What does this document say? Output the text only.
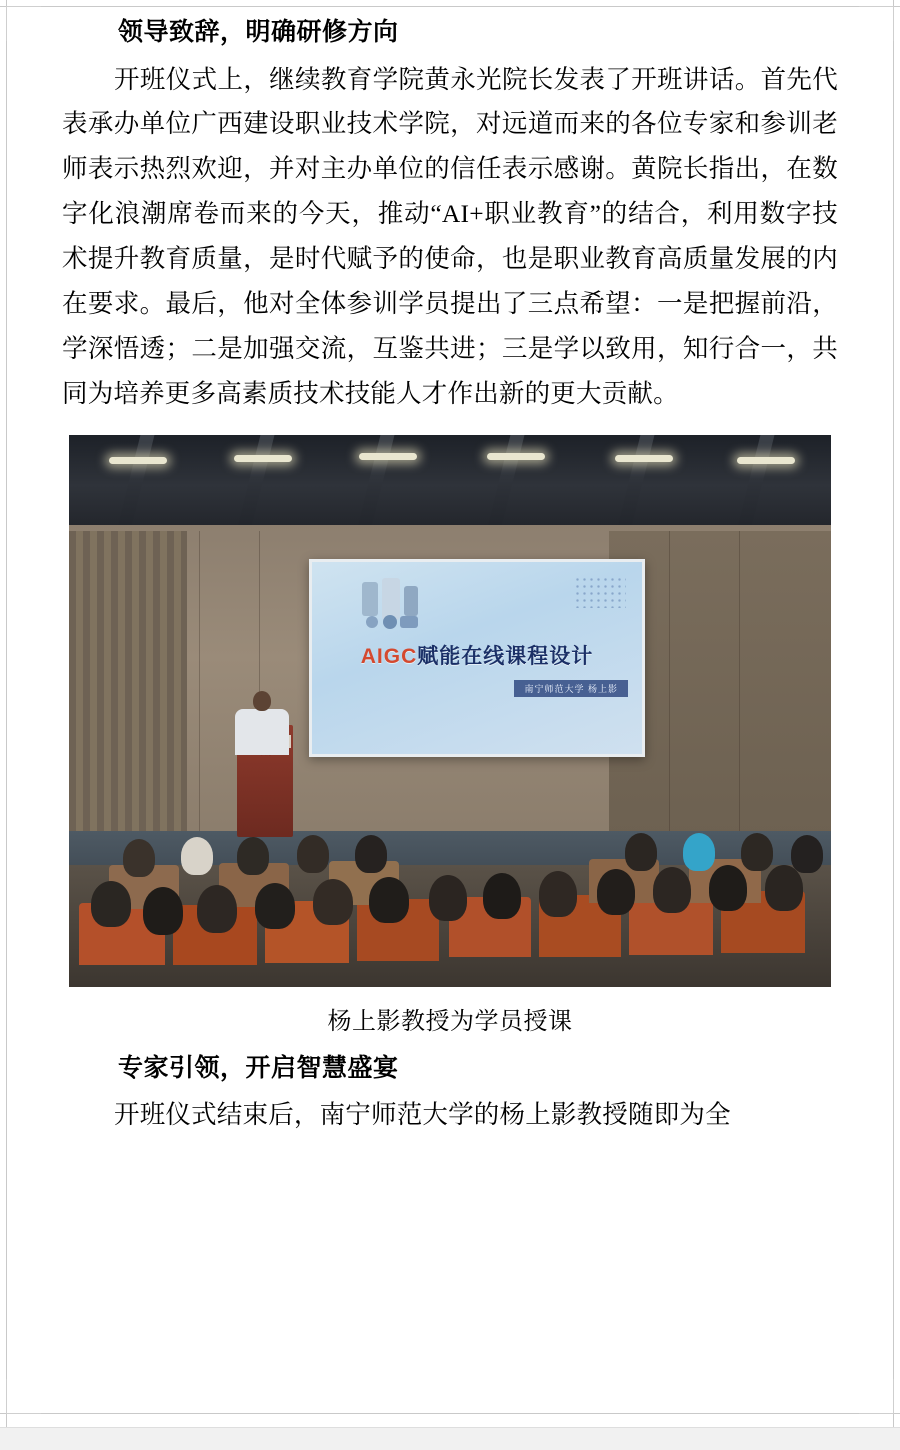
领导致辞，明确研修方向

开班仪式上，继续教育学院黄永光院长发表了开班讲话。首先代表承办单位广西建设职业技术学院，对远道而来的各位专家和参训老师表示热烈欢迎，并对主办单位的信任表示感谢。黄院长指出，在数字化浪潮席卷而来的今天，推动“AI+职业教育”的结合，利用数字技术提升教育质量，是时代赋予的使命，也是职业教育高质量发展的内在要求。最后，他对全体参训学员提出了三点希望：一是把握前沿，学深悟透；二是加强交流，互鉴共进；三是学以致用，知行合一，共同为培养更多高素质技术技能人才作出新的更大贡献。

AIGC赋能在线课程设计
南宁师范大学 杨上影
杨上影教授为学员授课
专家引领，开启智慧盛宴

开班仪式结束后，南宁师范大学的杨上影教授随即为全
